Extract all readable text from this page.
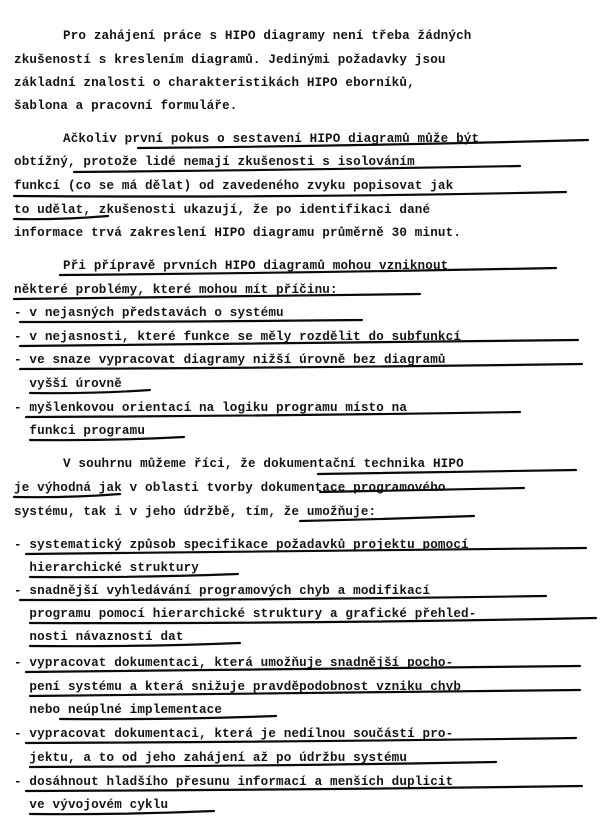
Pro zahájení práce s HIPO diagramy není třeba žádných
zkušeností s kreslením diagramů. Jedinými požadavky jsou
základní znalosti o charakteristikách HIPO eborníků,
šablona a pracovní formuláře.
Ačkoliv první pokus o sestavení HIPO diagramů může být
obtížný, protože lidé nemají zkušenosti s isolováním
funkcí (co se má dělat) od zavedeného zvyku popisovat jak
to udělat, zkušenosti ukazují, že po identifikaci dané
informace trvá zakreslení HIPO diagramu průměrně 30 minut.
Při přípravě prvních HIPO diagramů mohou vzniknout
některé problémy, které mohou mít příčinu:
- v nejasných představách o systému
- v nejasnosti, které funkce se měly rozdělit do subfunkcí
- ve snaze vypracovat diagramy nižší úrovně bez diagramů
vyšší úrovně
- myšlenkovou orientací na logiku programu místo na
funkci programu
V souhrnu můžeme říci, že dokumentační technika HIPO
je výhodná jak v oblasti tvorby dokumentace programového
systému, tak i v jeho údržbě, tím, že umožňuje:
- systematický způsob specifikace požadavků projektu pomocí
hierarchické struktury
- snadnější vyhledávání programových chyb a modifikací
programu pomocí hierarchické struktury a grafické přehled-
nosti návazností dat
- vypracovat dokumentaci, která umožňuje snadnější pocho-
pení systému a která snižuje pravděpodobnost vzniku chyb
nebo neúplné implementace
- vypracovat dokumentaci, která je nedílnou součástí pro-
jektu, a to od jeho zahájení až po údržbu systému
- dosáhnout hladšího přesunu informací a menších duplicit
ve vývojovém cyklu
